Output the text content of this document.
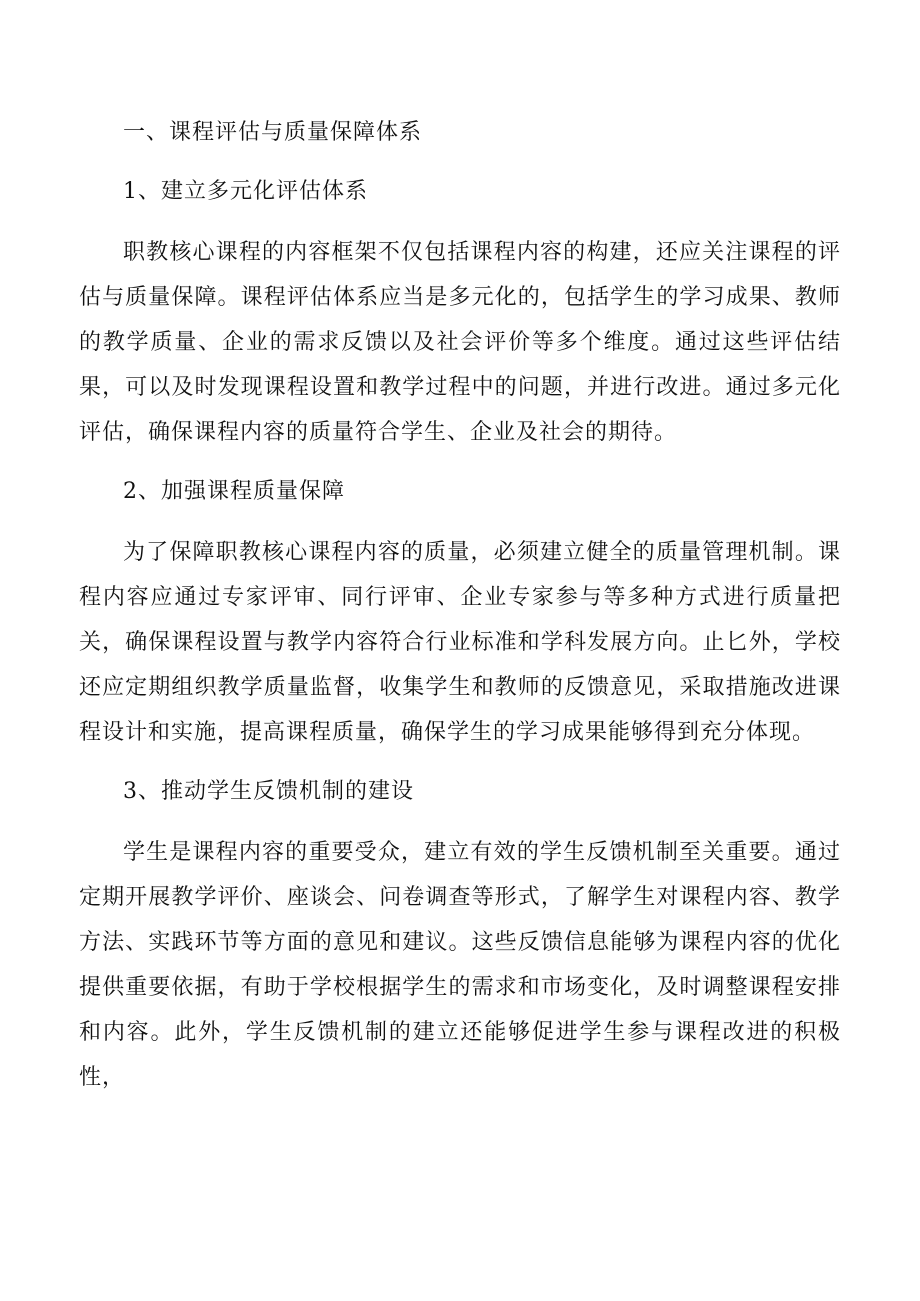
一、课程评估与质量保障体系
1、建立多元化评估体系

职教核心课程的内容框架不仅包括课程内容的构建，还应关注课程的评估与质量保障。课程评估体系应当是多元化的，包括学生的学习成果、教师的教学质量、企业的需求反馈以及社会评价等多个维度。通过这些评估结果，可以及时发现课程设置和教学过程中的问题，并进行改进。通过多元化评估，确保课程内容的质量符合学生、企业及社会的期待。

2、加强课程质量保障

为了保障职教核心课程内容的质量，必须建立健全的质量管理机制。课程内容应通过专家评审、同行评审、企业专家参与等多种方式进行质量把关，确保课程设置与教学内容符合行业标准和学科发展方向。止匕外，学校还应定期组织教学质量监督，收集学生和教师的反馈意见，采取措施改进课程设计和实施，提高课程质量，确保学生的学习成果能够得到充分体现。

3、推动学生反馈机制的建设

学生是课程内容的重要受众，建立有效的学生反馈机制至关重要。通过定期开展教学评价、座谈会、问卷调查等形式，了解学生对课程内容、教学方法、实践环节等方面的意见和建议。这些反馈信息能够为课程内容的优化提供重要依据，有助于学校根据学生的需求和市场变化，及时调整课程安排和内容。此外，学生反馈机制的建立还能够促进学生参与课程改进的积极性，
